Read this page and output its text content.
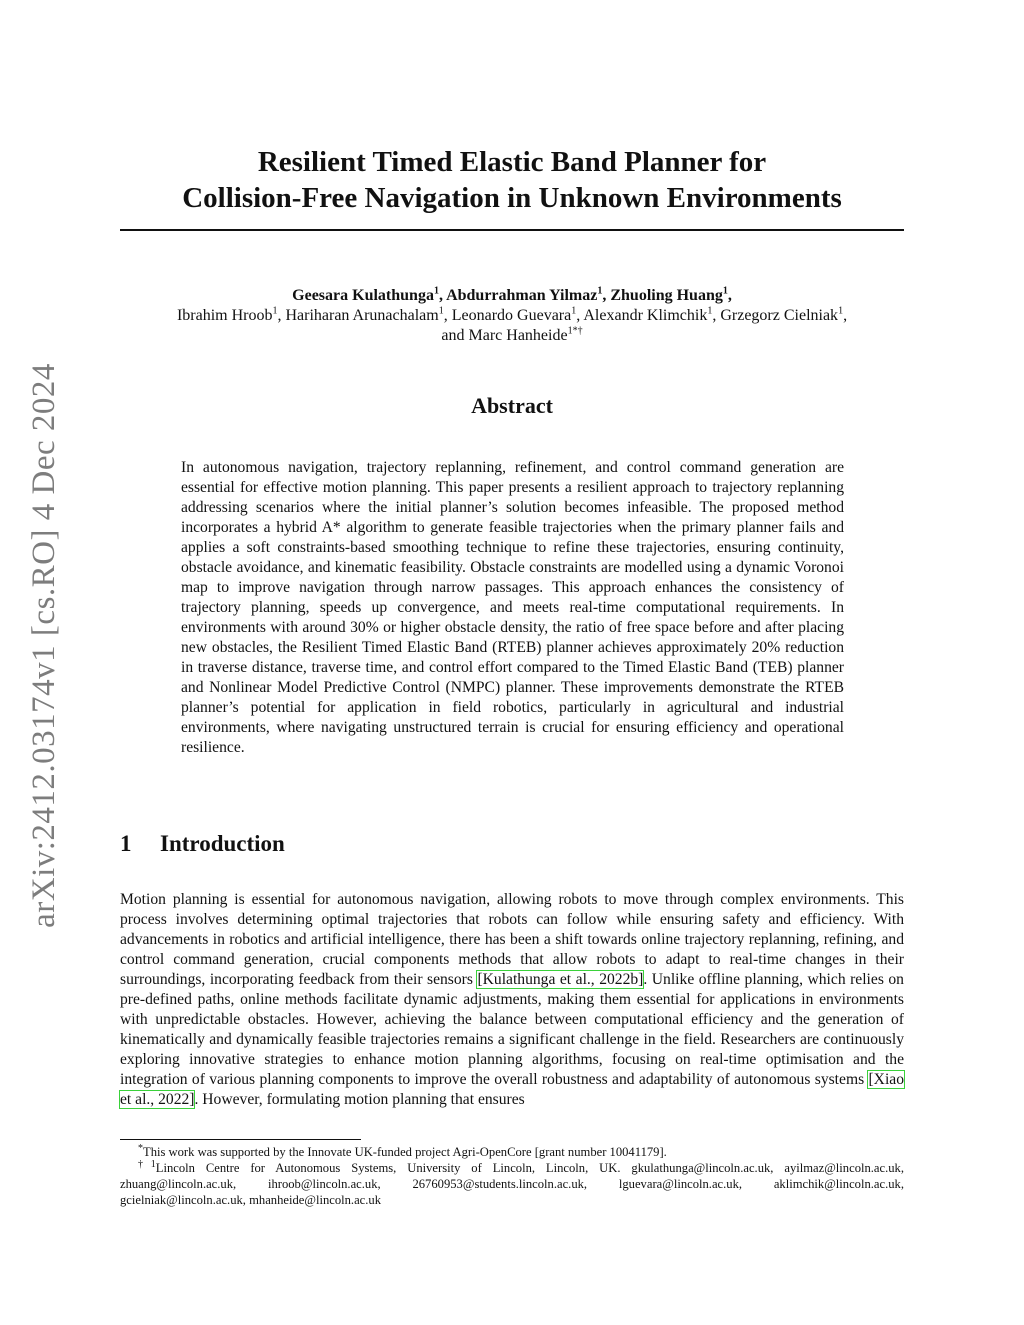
arXiv:2412.03174v1 [cs.RO] 4 Dec 2024
Resilient Timed Elastic Band Planner for
Collision-Free Navigation in Unknown Environments
Geesara Kulathunga$^1$, Abdurrahman Yilmaz$^1$, Zhuoling Huang$^1$,
Ibrahim Hroob$^1$, Hariharan Arunachalam$^1$, Leonardo Guevara$^1$, Alexandr Klimchik$^1$, Grzegorz Cielniak$^1$,
and Marc Hanheide$^{1*\dagger}$
Abstract
In autonomous navigation, trajectory replanning, refinement, and control command generation are essential for effective motion planning. This paper presents a resilient approach to trajectory replanning addressing scenarios where the initial planner’s solution becomes infeasible. The proposed method incorporates a hybrid A* algorithm to generate feasible trajectories when the primary planner fails and applies a soft constraints-based smoothing technique to refine these trajectories, ensuring continuity, obstacle avoidance, and kinematic feasibility. Obstacle constraints are modelled using a dynamic Voronoi map to improve navigation through narrow passages. This approach enhances the consistency of trajectory planning, speeds up convergence, and meets real-time computational requirements. In environments with around 30% or higher obstacle density, the ratio of free space before and after placing new obstacles, the Resilient Timed Elastic Band (RTEB) planner achieves approximately 20% reduction in traverse distance, traverse time, and control effort compared to the Timed Elastic Band (TEB) planner and Nonlinear Model Predictive Control (NMPC) planner. These improvements demonstrate the RTEB planner’s potential for application in field robotics, particularly in agricultural and industrial environments, where navigating unstructured terrain is crucial for ensuring efficiency and operational resilience.
1 Introduction
Motion planning is essential for autonomous navigation, allowing robots to move through complex environments. This process involves determining optimal trajectories that robots can follow while ensuring safety and efficiency. With advancements in robotics and artificial intelligence, there has been a shift towards online trajectory replanning, refining, and control command generation, crucial components methods that allow robots to adapt to real-time changes in their surroundings, incorporating feedback from their sensors [Kulathunga et al., 2022b]. Unlike offline planning, which relies on pre-defined paths, online methods facilitate dynamic adjustments, making them essential for applications in environments with unpredictable obstacles. However, achieving the balance between computational efficiency and the generation of kinematically and dynamically feasible trajectories remains a significant challenge in the field. Researchers are continuously exploring innovative strategies to enhance motion planning algorithms, focusing on real-time optimisation and the integration of various planning components to improve the overall robustness and adaptability of autonomous systems [Xiao et al., 2022]. However, formulating motion planning that ensures

*This work was supported by the Innovate UK-funded project Agri-OpenCore [grant number 10041179].

$^{\dagger 1}$Lincoln Centre for Autonomous Systems, University of Lincoln, Lincoln, UK. gkulathunga@lincoln.ac.uk, ayilmaz@lincoln.ac.uk, zhuang@lincoln.ac.uk, ihroob@lincoln.ac.uk, 26760953@students.lincoln.ac.uk, lguevara@lincoln.ac.uk, aklimchik@lincoln.ac.uk, gcielniak@lincoln.ac.uk, mhanheide@lincoln.ac.uk
